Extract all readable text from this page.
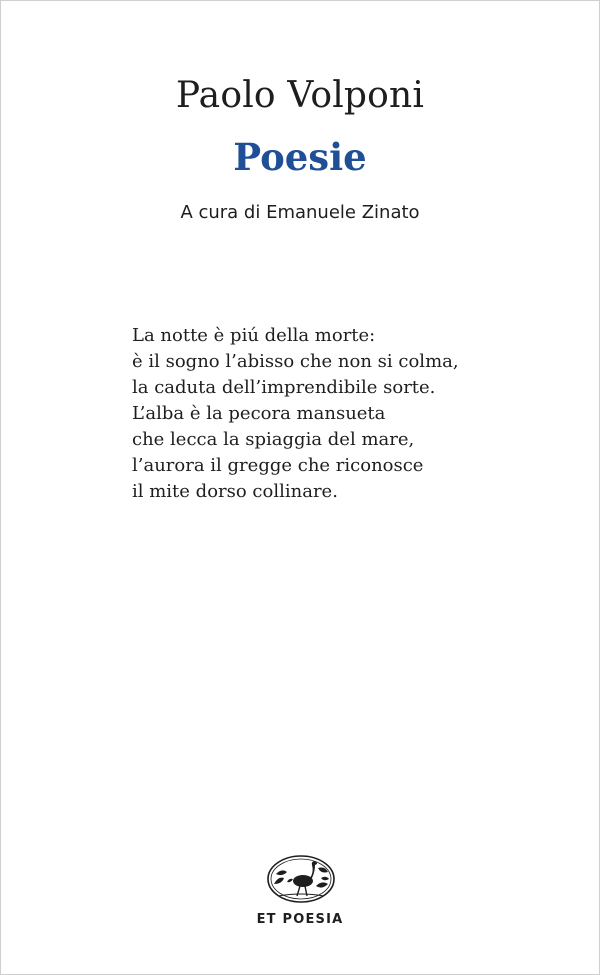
Paolo Volponi
Poesie
A cura di Emanuele Zinato
La notte è piú della morte:
è il sogno l’abisso che non si colma,
la caduta dell’imprendibile sorte.
L’alba è la pecora mansueta
che lecca la spiaggia del mare,
l’aurora il gregge che riconosce
il mite dorso collinare.
ET POESIA
